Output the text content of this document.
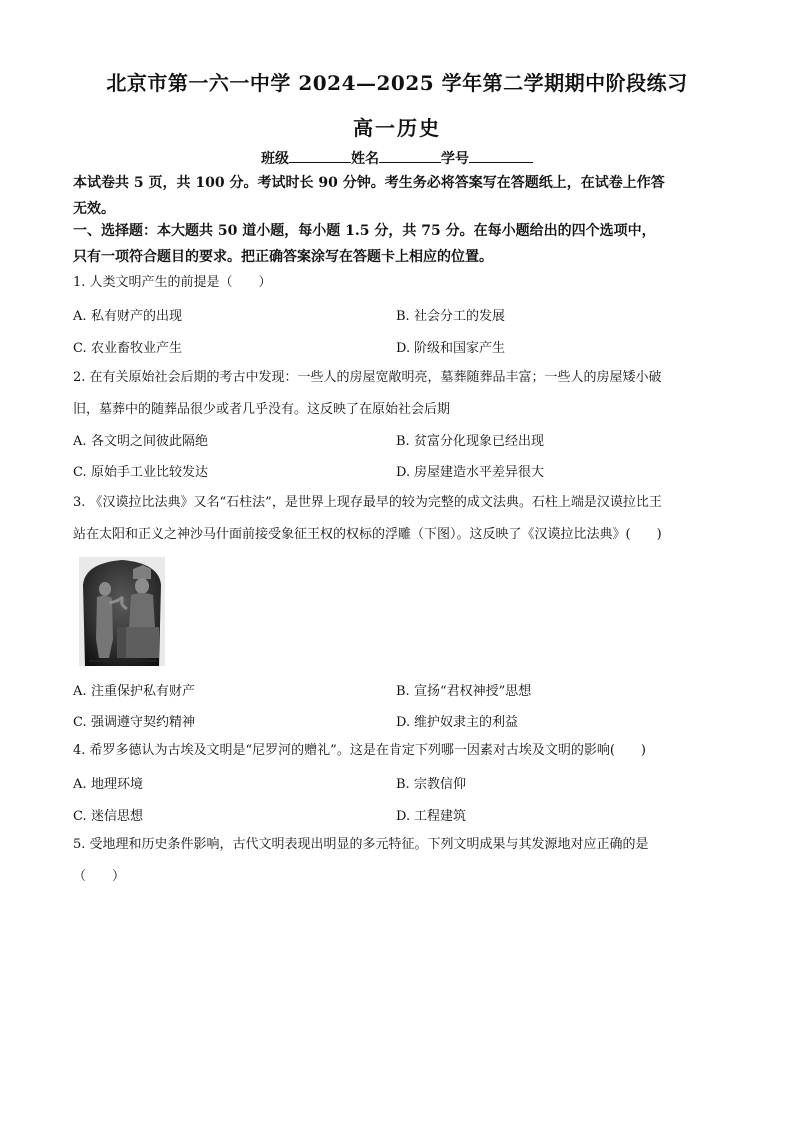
北京市第一六一中学 2024—2025 学年第二学期期中阶段练习
高一历史
班级	姓名	学号
本试卷共 5 页，共 100 分。考试时长 90 分钟。考生务必将答案写在答题纸上，在试卷上作答
无效。
一、选择题：本大题共 50 道小题，每小题 1.5 分，共 75 分。在每小题给出的四个选项中，
只有一项符合题目的要求。把正确答案涂写在答题卡上相应的位置。
1. 人类文明产生的前提是（　　）
A. 私有财产的出现	B. 社会分工的发展
C. 农业畜牧业产生	D. 阶级和国家产生
2. 在有关原始社会后期的考古中发现：一些人的房屋宽敞明亮，墓葬随葬品丰富；一些人的房屋矮小破
旧，墓葬中的随葬品很少或者几乎没有。这反映了在原始社会后期
A. 各文明之间彼此隔绝	B. 贫富分化现象已经出现
C. 原始手工业比较发达	D. 房屋建造水平差异很大
3. 《汉谟拉比法典》又名“石柱法”，是世界上现存最早的较为完整的成文法典。石柱上端是汉谟拉比王
站在太阳和正义之神沙马什面前接受象征王权的权标的浮雕（下图）。这反映了《汉谟拉比法典》(　　)
A. 注重保护私有财产	B. 宣扬“君权神授”思想
C. 强调遵守契约精神	D. 维护奴隶主的利益
4. 希罗多德认为古埃及文明是“尼罗河的赠礼”。这是在肯定下列哪一因素对古埃及文明的影响(　　)
A. 地理环境	B. 宗教信仰
C. 迷信思想	D. 工程建筑
5. 受地理和历史条件影响，古代文明表现出明显的多元特征。下列文明成果与其发源地对应正确的是
（　　）
